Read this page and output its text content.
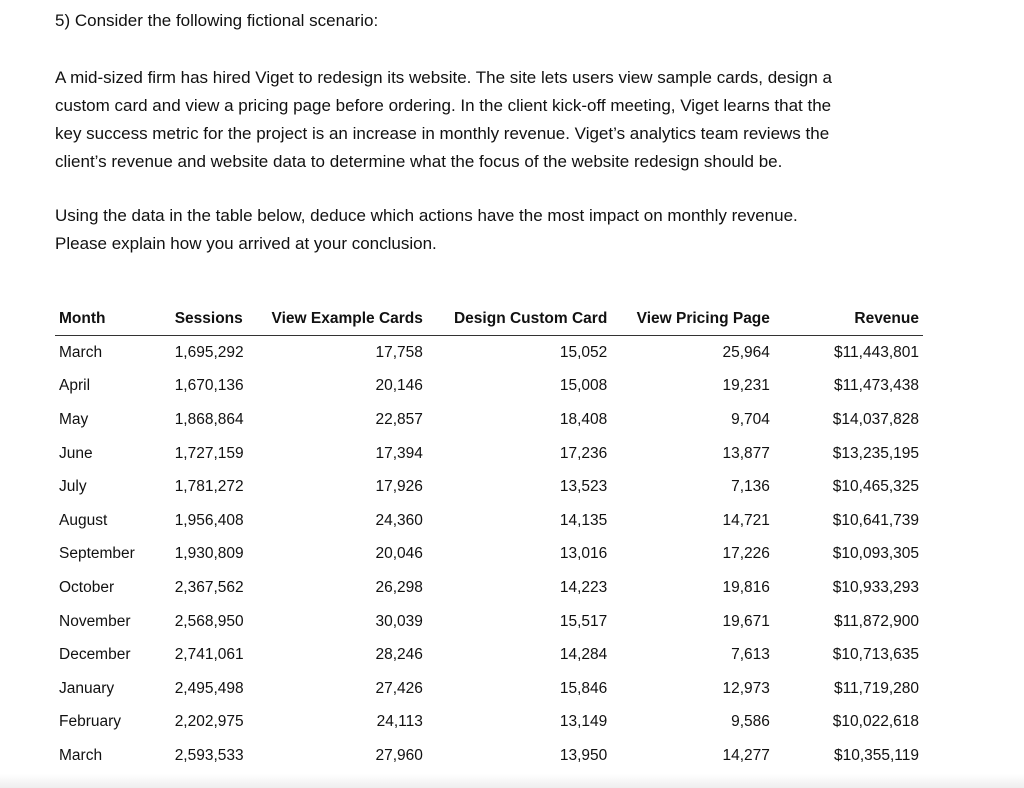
5) Consider the following fictional scenario:
A mid-sized firm has hired Viget to redesign its website. The site lets users view sample cards, design a
custom card and view a pricing page before ordering. In the client kick-off meeting, Viget learns that the
key success metric for the project is an increase in monthly revenue. Viget’s analytics team reviews the
client’s revenue and website data to determine what the focus of the website redesign should be.
Using the data in the table below, deduce which actions have the most impact on monthly revenue.
Please explain how you arrived at your conclusion.
Month	Sessions	View Example Cards	Design Custom Card	View Pricing Page	Revenue
March	1,695,292	17,758	15,052	25,964	$11,443,801
April	1,670,136	20,146	15,008	19,231	$11,473,438
May	1,868,864	22,857	18,408	9,704	$14,037,828
June	1,727,159	17,394	17,236	13,877	$13,235,195
July	1,781,272	17,926	13,523	7,136	$10,465,325
August	1,956,408	24,360	14,135	14,721	$10,641,739
September	1,930,809	20,046	13,016	17,226	$10,093,305
October	2,367,562	26,298	14,223	19,816	$10,933,293
November	2,568,950	30,039	15,517	19,671	$11,872,900
December	2,741,061	28,246	14,284	7,613	$10,713,635
January	2,495,498	27,426	15,846	12,973	$11,719,280
February	2,202,975	24,113	13,149	9,586	$10,022,618
March	2,593,533	27,960	13,950	14,277	$10,355,119
